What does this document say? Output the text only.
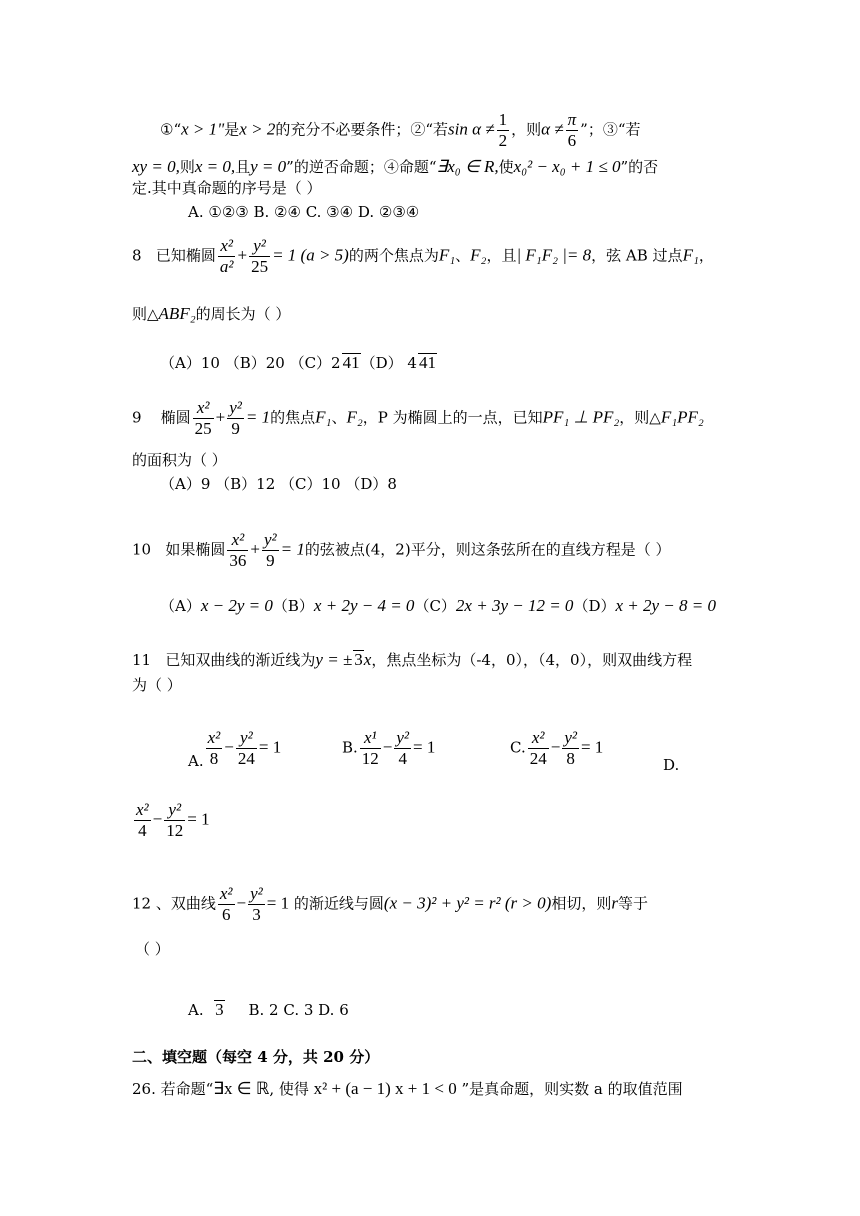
①“x > 1"是x > 2的充分不必要条件；②“若$\sin \alpha \ne \frac{1}{2}$ ，则$\alpha \ne \frac{\pi}{6}$ ”；③“若
xy = 0,则x = 0,且y = 0”的逆否命题；④命题“∃x₀ ∈ R,使x₀² − x₀ + 1 ≤ 0”的否
定.其中真命题的序号是（ ）
A. ①②③ B. ②④ C. ③④ D. ②③④
8 已知椭圆 $\frac{\text{x²}}{\text{a²}} + \frac{\text{y²}}{25} = 1$ (a > 5)的两个焦点为F₁、F₂，且| F₁F₂ |= 8，弦 AB 过点F₁，
则△ABF₂的周长为（ ）
（A）10 （B）20 （C）2 41（D） 4 41
9 椭圆 $\frac{\text{x²}}{25} + \frac{\text{y²}}{9} = 1$的焦点F₁、F₂，P 为椭圆上的一点，已知PF₁ ⊥ PF₂，则△F₁PF₂
的面积为（ ）
（A）9 （B）12 （C）10 （D）8
10 如果椭圆 $\frac{\text{x²}}{36} + \frac{\text{y²}}{9} = 1$的弦被点(4，2)平分，则这条弦所在的直线方程是（ ）
（A）x − 2y = 0（B）x + 2y − 4 = 0（C）2x + 3y − 12 = 0（D）x + 2y − 8 = 0
11 已知双曲线的渐近线为y = ± 3x，焦点坐标为（-4，0），（4，0），则双曲线方程
为（ ）
A. $\frac{\text{x²}}{8} - \frac{\text{y²}}{24} = 1$	B. $\frac{\text{x¹}}{12} - \frac{\text{y²}}{4} = 1$	C. $\frac{\text{x²}}{24} - \frac{\text{y²}}{8} = 1$
D.
$\frac{\text{x²}}{4} - \frac{\text{y²}}{12} = 1$
12 、双曲线 $\frac{\text{x²}}{6} - \frac{\text{y²}}{3} = 1$ 的渐近线与圆(x − 3)² + y² = r² (r > 0)相切，则r等于
（ ）
A. 3 B. 2 C. 3 D. 6
二、填空题（每空 4 分，共 20 分）
26. 若命题“∃x ∈ ℝ, 使得 x² + (a − 1) x + 1 < 0 ”是真命题，则实数 a 的取值范围
